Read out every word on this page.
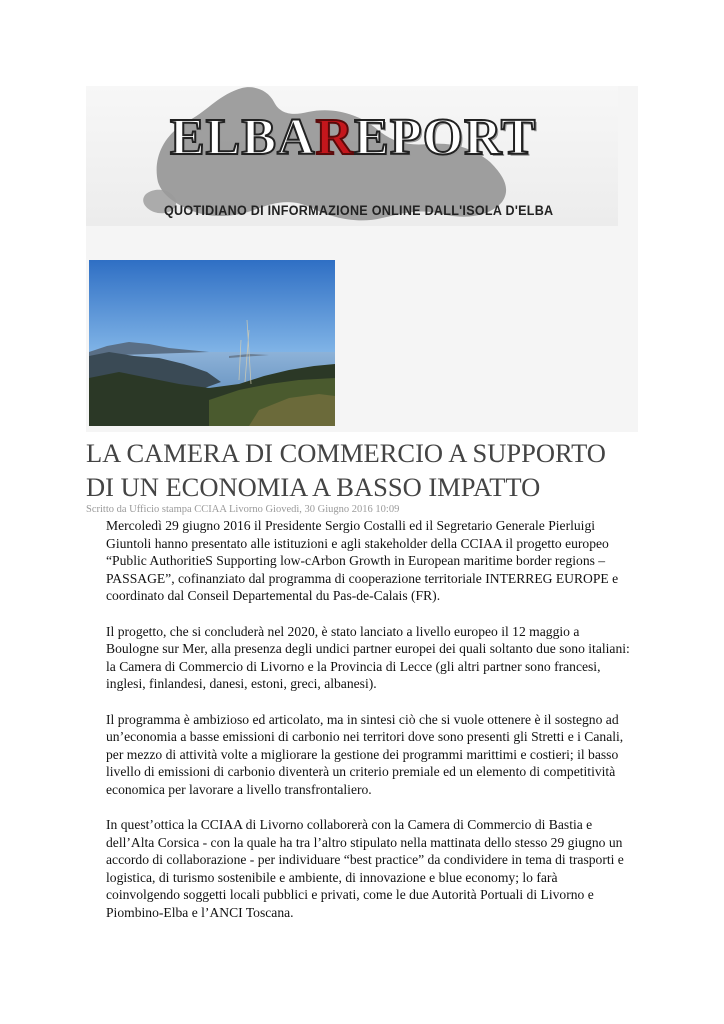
ELBAREPORT
QUOTIDIANO DI INFORMAZIONE ONLINE DALL'ISOLA D'ELBA
LA CAMERA DI COMMERCIO A SUPPORTO
DI UN ECONOMIA A BASSO IMPATTO
Scritto da Ufficio stampa CCIAA Livorno Giovedì, 30 Giugno 2016 10:09

Mercoledì 29 giugno 2016 il Presidente Sergio Costalli ed il Segretario Generale Pierluigi Giuntoli hanno presentato alle istituzioni e agli stakeholder della CCIAA il progetto europeo “Public AuthoritieS Supporting low-cArbon Growth in European maritime border regions – PASSAGE”, cofinanziato dal programma di cooperazione territoriale INTERREG EUROPE e coordinato dal Conseil Departemental du Pas-de-Calais (FR).

Il progetto, che si concluderà nel 2020, è stato lanciato a livello europeo il 12 maggio a Boulogne sur Mer, alla presenza degli undici partner europei dei quali soltanto due sono italiani: la Camera di Commercio di Livorno e la Provincia di Lecce (gli altri partner sono francesi, inglesi, finlandesi, danesi, estoni, greci, albanesi).

Il programma è ambizioso ed articolato, ma in sintesi ciò che si vuole ottenere è il sostegno ad un’economia a basse emissioni di carbonio nei territori dove sono presenti gli Stretti e i Canali, per mezzo di attività volte a migliorare la gestione dei programmi marittimi e costieri; il basso livello di emissioni di carbonio diventerà un criterio premiale ed un elemento di competitività economica per lavorare a livello transfrontaliero.

In quest’ottica la CCIAA di Livorno collaborerà con la Camera di Commercio di Bastia e dell’Alta Corsica - con la quale ha tra l’altro stipulato nella mattinata dello stesso 29 giugno un accordo di collaborazione - per individuare “best practice” da condividere in tema di trasporti e logistica, di turismo sostenibile e ambiente, di innovazione e blue economy; lo farà coinvolgendo soggetti locali pubblici e privati, come le due Autorità Portuali di Livorno e Piombino-Elba e l’ANCI Toscana.
